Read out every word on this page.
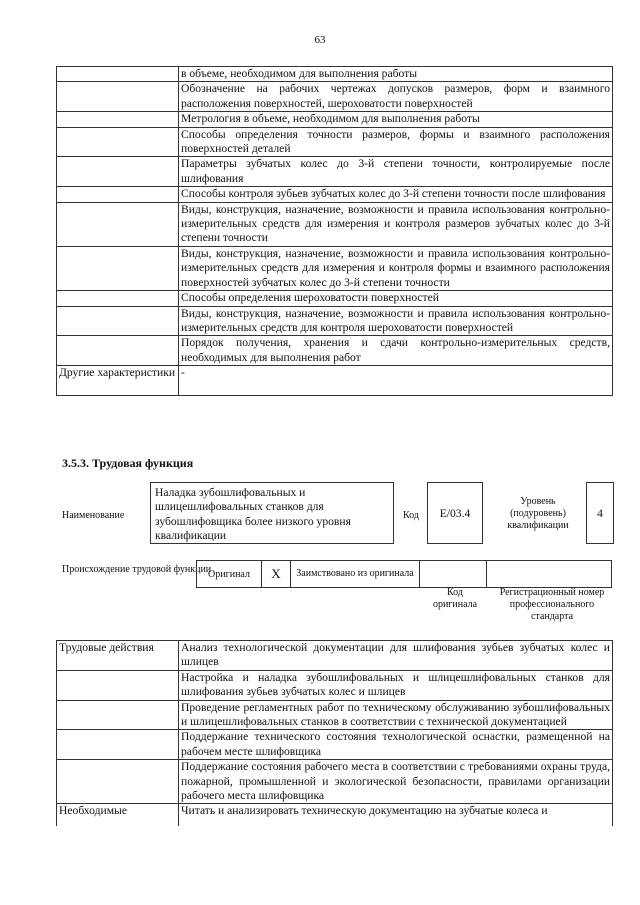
63
	в объеме, необходимом для выполнения работы
	Обозначение на рабочих чертежах допусков размеров, форм и взаимного расположения поверхностей, шероховатости поверхностей
	Метрология в объеме, необходимом для выполнения работы
	Способы определения точности размеров, формы и взаимного расположения поверхностей деталей
	Параметры зубчатых колес до 3-й степени точности, контролируемые после шлифования
	Способы контроля зубьев зубчатых колес до 3-й степени точности после шлифования
	Виды, конструкция, назначение, возможности и правила использования контрольно-измерительных средств для измерения и контроля размеров зубчатых колес до 3-й степени точности
	Виды, конструкция, назначение, возможности и правила использования контрольно-измерительных средств для измерения и контроля формы и взаимного расположения поверхностей зубчатых колес до 3-й степени точности
	Способы определения шероховатости поверхностей
	Виды, конструкция, назначение, возможности и правила использования контрольно-измерительных средств для контроля шероховатости поверхностей
	Порядок получения, хранения и сдачи контрольно-измерительных средств, необходимых для выполнения работ
Другие характеристики	-
3.5.3. Трудовая функция
Наименование
Наладка зубошлифовальных и шлицешлифовальных станков для зубошлифовщика более низкого уровня квалификации
Код	Е/03.4
Уровень (подуровень) квалификации
4
Происхождение трудовой функции
Оригинал	X	Заимствовано из оригинала		
Код оригинала
Регистрационный номер профессионального стандарта
Трудовые действия	Анализ технологической документации для шлифования зубьев зубчатых колес и шлицев
	Настройка и наладка зубошлифовальных и шлицешлифовальных станков для шлифования зубьев зубчатых колес и шлицев
	Проведение регламентных работ по техническому обслуживанию зубошлифовальных и шлицешлифовальных станков в соответствии с технической документацией
	Поддержание технического состояния технологической оснастки, размещенной на рабочем месте шлифовщика
	Поддержание состояния рабочего места в соответствии с требованиями охраны труда, пожарной, промышленной и экологической безопасности, правилами организации рабочего места шлифовщика
Необходимые	Читать и анализировать техническую документацию на зубчатые колеса и
